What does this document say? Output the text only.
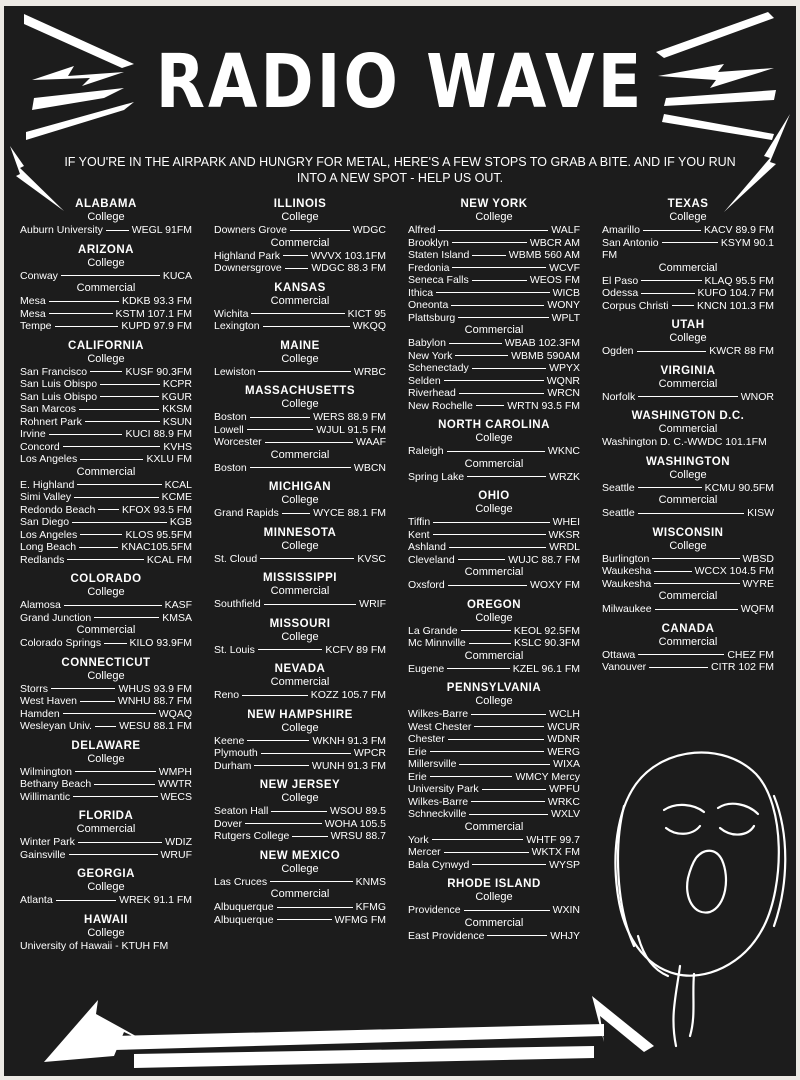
RADIO WAVE
IF YOU'RE IN THE AIRPARK AND HUNGRY FOR METAL, HERE'S A FEW STOPS TO GRAB A BITE. AND IF YOU RUN INTO A NEW SPOT - HELP US OUT.
ALABAMA
College
Auburn University	WEGL 91FM
ARIZONA
College
Conway	KUCA
Commercial
Mesa	KDKB 93.3 FM
Mesa	KSTM 107.1 FM
Tempe	KUPD 97.9 FM
CALIFORNIA
College
San Francisco	KUSF 90.3FM
San Luis Obispo	KCPR
San Luis Obispo	KGUR
San Marcos	KKSM
Rohnert Park	KSUN
Irvine	KUCI 88.9 FM
Concord	KVHS
Los Angeles	KXLU FM
Commercial
E. Highland	KCAL
Simi Valley	KCME
Redondo Beach	KFOX 93.5 FM
San Diego	KGB
Los Angeles	KLOS 95.5FM
Long Beach	KNAC105.5FM
Redlands	KCAL FM
COLORADO
College
Alamosa	KASF
Grand Junction	KMSA
Commercial
Colorado Springs	KILO 93.9FM
CONNECTICUT
College
Storrs	WHUS 93.9 FM
West Haven	WNHU 88.7 FM
Hamden	WQAQ
Wesleyan Univ.	WESU 88.1 FM
DELAWARE
College
Wilmington	WMPH
Bethany Beach	WWTR
Willimantic	WECS
FLORIDA
Commercial
Winter Park	WDIZ
Gainsville	WRUF
GEORGIA
College
Atlanta	WREK 91.1 FM
HAWAII
College
University of Hawaii - KTUH FM
ILLINOIS
College
Downers Grove	WDGC
Commercial
Highland Park	WVVX 103.1FM
Downersgrove	WDGC 88.3 FM
KANSAS
Commercial
Wichita	KICT 95
Lexington	WKQQ
MAINE
College
Lewiston	WRBC
MASSACHUSETTS
College
Boston	WERS 88.9 FM
Lowell	WJUL 91.5 FM
Worcester	WAAF
Commercial
Boston	WBCN
MICHIGAN
College
Grand Rapids	WYCE 88.1 FM
MINNESOTA
College
St. Cloud	KVSC
MISSISSIPPI
Commercial
Southfield	WRIF
MISSOURI
College
St. Louis	KCFV 89 FM
NEVADA
Commercial
Reno	KOZZ 105.7 FM
NEW HAMPSHIRE
College
Keene	WKNH 91.3 FM
Plymouth	WPCR
Durham	WUNH 91.3 FM
NEW JERSEY
College
Seaton Hall	WSOU 89.5
Dover	WOHA 105.5
Rutgers College	WRSU 88.7
NEW MEXICO
College
Las Cruces	KNMS
Commercial
Albuquerque	KFMG
Albuquerque	WFMG FM
NEW YORK
College
Alfred	WALF
Brooklyn	WBCR AM
Staten Island	WBMB 560 AM
Fredonia	WCVF
Seneca Falls	WEOS FM
Ithica	WICB
Oneonta	WONY
Plattsburg	WPLT
Commercial
Babylon	WBAB 102.3FM
New York	WBMB 590AM
Schenectady	WPYX
Selden	WQNR
Riverhead	WRCN
New Rochelle	WRTN 93.5 FM
NORTH CAROLINA
College
Raleigh	WKNC
Commercial
Spring Lake	WRZK
OHIO
College
Tiffin	WHEI
Kent	WKSR
Ashland	WRDL
Cleveland	WUJC 88.7 FM
Commercial
Oxsford	WOXY FM
OREGON
College
La Grande	KEOL 92.5FM
Mc Minnville	KSLC 90.3FM
Commercial
Eugene	KZEL 96.1 FM
PENNSYLVANIA
College
Wilkes-Barre	WCLH
West Chester	WCUR
Chester	WDNR
Erie	WERG
Millersville	WIXA
Erie	WMCY Mercy
University Park	WPFU
Wilkes-Barre	WRKC
Schneckville	WXLV
Commercial
York	WHTF 99.7
Mercer	WKTX FM
Bala Cynwyd	WYSP
RHODE ISLAND
College
Providence	WXIN
Commercial
East Providence	WHJY
TEXAS
College
Amarillo	KACV 89.9 FM
San Antonio	KSYM 90.1
FM
Commercial
El Paso	KLAQ 95.5 FM
Odessa	KUFO 104.7 FM
Corpus Christi	KNCN 101.3 FM
UTAH
College
Ogden	KWCR 88 FM
VIRGINIA
Commercial
Norfolk	WNOR
WASHINGTON D.C.
Commercial
Washington D. C.-WWDC 101.1FM
WASHINGTON
College
Seattle	KCMU 90.5FM
Commercial
Seattle	KISW
WISCONSIN
College
Burlington	WBSD
Waukesha	WCCX 104.5 FM
Waukesha	WYRE
Commercial
Milwaukee	WQFM
CANADA
Commercial
Ottawa	CHEZ FM
Vanouver	CITR 102 FM
